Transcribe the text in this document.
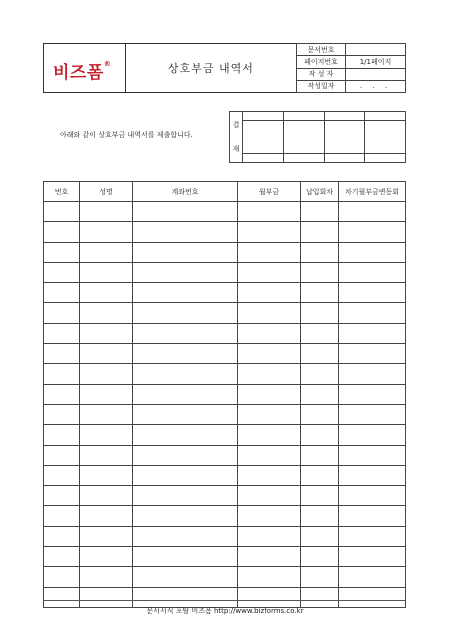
비즈폼®	상호부금 내역서
문서번호	
페이지번호	1/1페이지
작 성 자	
작성일자	. . .
아래와 같이 상호부금 내역서를 제출합니다.
결
재				

번호	성명	계좌번호	월부금	납입회차	차기월부금변동회

문서서식 포탈 비즈폼 http://www.bizforms.co.kr
